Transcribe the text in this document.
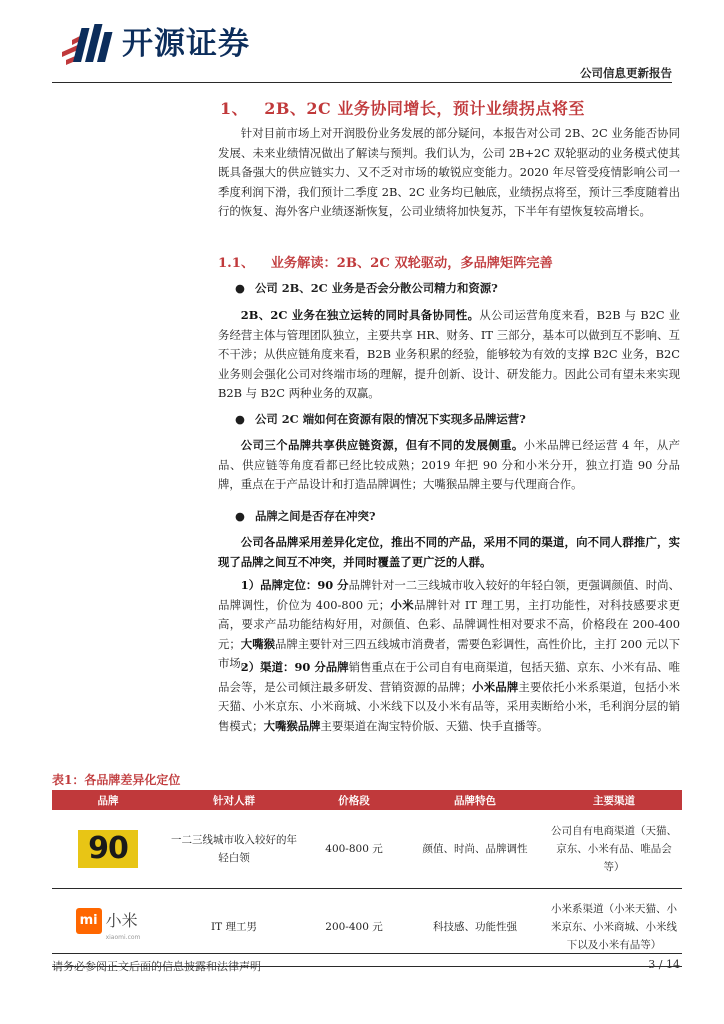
开源证券
公司信息更新报告
1、 2B、2C 业务协同增长，预计业绩拐点将至

针对目前市场上对开润股份业务发展的部分疑问，本报告对公司 2B、2C 业务能否协同发展、未来业绩情况做出了解读与预判。我们认为，公司 2B+2C 双轮驱动的业务模式使其既具备强大的供应链实力、又不乏对市场的敏锐应变能力。2020 年尽管受疫情影响公司一季度利润下滑，我们预计二季度 2B、2C 业务均已触底，业绩拐点将至，预计三季度随着出行的恢复、海外客户业绩逐渐恢复，公司业绩将加快复苏，下半年有望恢复较高增长。

1.1、 业务解读：2B、2C 双轮驱动，多品牌矩阵完善
● 公司 2B、2C 业务是否会分散公司精力和资源?

2B、2C 业务在独立运转的同时具备协同性。从公司运营角度来看，B2B 与 B2C 业务经营主体与管理团队独立，主要共享 HR、财务、IT 三部分，基本可以做到互不影响、互不干涉；从供应链角度来看，B2B 业务积累的经验，能够较为有效的支撑 B2C 业务，B2C 业务则会强化公司对终端市场的理解，提升创新、设计、研发能力。因此公司有望未来实现 B2B 与 B2C 两种业务的双赢。

● 公司 2C 端如何在资源有限的情况下实现多品牌运营?

公司三个品牌共享供应链资源，但有不同的发展侧重。小米品牌已经运营 4 年，从产品、供应链等角度看都已经比较成熟；2019 年把 90 分和小米分开，独立打造 90 分品牌，重点在于产品设计和打造品牌调性；大嘴猴品牌主要与代理商合作。

● 品牌之间是否存在冲突?

公司各品牌采用差异化定位，推出不同的产品，采用不同的渠道，向不同人群推广，实现了品牌之间互不冲突，并同时覆盖了更广泛的人群。

1）品牌定位：90 分品牌针对一二三线城市收入较好的年轻白领，更强调颜值、时尚、品牌调性，价位为 400-800 元；小米品牌针对 IT 理工男，主打功能性，对科技感要求更高，要求产品功能结构好用，对颜值、色彩、品牌调性相对要求不高，价格段在 200-400 元；大嘴猴品牌主要针对三四五线城市消费者，需要色彩调性，高性价比，主打 200 元以下市场。

2）渠道：90 分品牌销售重点在于公司自有电商渠道，包括天猫、京东、小米有品、唯品会等，是公司倾注最多研发、营销资源的品牌；小米品牌主要依托小米系渠道，包括小米天猫、小米京东、小米商城、小米线下以及小米有品等，采用卖断给小米，毛利润分层的销售模式；大嘴猴品牌主要渠道在淘宝特价版、天猫、快手直播等。

表1：各品牌差异化定位
品牌	针对人群	价格段	品牌特色	主要渠道
90	一二三线城市收入较好的年轻白领	400-800 元	颜值、时尚、品牌调性	公司自有电商渠道（天猫、京东、小米有品、唯品会等）
mi 小米
xiaomi.com	IT 理工男	200-400 元	科技感、功能性强	小米系渠道（小米天猫、小米京东、小米商城、小米线下以及小米有品等）
请务必参阅正文后面的信息披露和法律声明	3 / 14
